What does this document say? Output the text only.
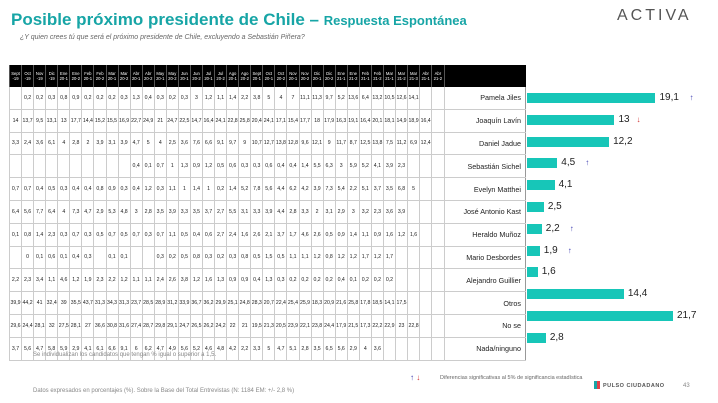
Posible próximo presidente de Chile – Respuesta Espontánea
¿Y quien crees tú que será el próximo presidente de Chile, excluyendo a Sebastián Piñera?
ACTIVA
Sept -19	Oct -19	Nov -19	Dic -19	Ene 20-1	Ene 20-2	Feb 20-1	Feb 20-2	Mar 20-1	Mar 20-2	Abr 20-1	Abr 20-2	May 20-1	May 20-2	Jun 20-1	Jun 20-2	Jul 20-1	Jul 20-2	Ago 20-1	Ago 20-2	Sept 20-1	Oct 20-1	Oct 20-2	Nov 20-1	Nov 20-2	Dic 20-1	Dic 20-2	Ene 21-1	Ene 21-2	Feb 21-1	Feb 21-2	Mar 21-1	Mar 21-2	Mar 21-3	Abr 21-1	Abr 21-2	
	0,2	0,2	0,3	0,8	0,9	0,2	0,2	0,2	0,3	1,3	0,4	0,3	0,2	0,3	3	1,2	1,1	1,4	2,2	3,8	5	4	7	11,1	11,3	9,7	5,2	13,6	6,4	13,2	10,5	12,6	14,1			Pamela Jiles
14	13,7	9,5	13,1	13	17,7	14,4	15,2	15,5	16,9	22,7	24,9	21	24,7	22,5	14,7	16,4	24,1	22,8	25,8	20,4	24,1	17,1	15,4	17,7	18	17,9	16,3	19,1	16,4	20,1	18,1	14,9	18,9	16,4		Joaquín Lavín
3,3	2,4	3,6	6,1	4	2,8	2	3,9	3,1	3,9	4,7	5	4	2,5	3,6	7,6	6,6	9,1	9,7	9	10,7	12,7	13,8	12,8	9,6	12,1	9	11,7	8,7	12,5	13,8	7,5	11,2	6,9	12,4		Daniel Jadue
										0,4	0,1	0,7	1	1,3	0,9	1,2	0,5	0,6	0,3	0,3	0,6	0,4	0,4	1,4	5,5	6,3	3	5,9	5,2	4,1	3,9	2,3				Sebastián Sichel
0,7	0,7	0,4	0,5	0,3	0,4	0,4	0,8	0,9	0,3	0,4	1,2	0,3	1,1	1	1,4	1	0,2	1,4	5,2	7,8	5,6	4,4	6,2	4,2	3,9	7,3	5,4	2,2	5,1	3,7	3,5	6,8	5			Evelyn Matthei
6,4	5,6	7,7	6,4	4	7,3	4,7	2,9	5,3	4,8	3	2,8	3,5	3,9	3,3	3,5	3,7	2,7	5,5	3,1	3,3	3,9	4,4	2,8	3,3	2	3,1	2,9	3	3,2	2,3	3,6	3,9				José Antonio Kast
0,1	0,8	1,4	2,3	0,3	0,7	0,3	0,5	0,7	0,5	0,7	0,3	0,7	1,1	0,5	0,4	0,6	2,7	2,4	1,6	2,6	2,1	3,7	1,7	4,6	2,6	0,5	0,9	1,4	1,1	0,9	1,6	1,2	1,6			Heraldo Muñoz
	0	0,1	0,6	0,1	0,4	0,3		0,1	0,1			0,3	0,2	0,5	0,8	0,3	0,2	0,3	0,8	0,5	1,5	0,5	1,1	1,1	1,2	0,8	1,2	1,2	1,7	1,2	1,7					Mario Desbordes
2,2	2,3	3,4	1,1	4,6	1,2	1,9	2,3	2,2	1,2	1,1	1,1	2,4	2,6	3,8	1,2	1,6	1,3	0,9	0,9	0,4	1,3	0,3	0,2	0,2	0,2	0,2	0,4	0,1	0,2	0,2	0,2					Alejandro Guillier
39,9	44,2	41	32,4	39	35,5	43,7	31,3	34,3	31,3	23,7	28,5	28,9	31,2	33,9	36,7	36,2	29,9	25,1	24,8	28,3	20,7	22,4	25,4	25,9	18,3	20,9	21,6	25,8	17,8	18,5	14,1	17,5				Otros
29,6	24,4	28,1	32	27,5	28,1	27	36,6	30,8	31,6	27,4	28,7	29,8	29,1	24,7	26,5	26,2	24,2	22	21	19,5	21,3	20,5	23,9	22,1	23,8	24,4	17,9	21,5	17,3	22,2	22,9	23	22,8			No se
3,7	5,6	4,7	5,8	5,9	2,9	4,1	6,1	6,6	9,1	6	6,2	4,7	4,9	5,6	5,2	4,6	4,8	4,2	2,2	3,3	5	4,7	5,1	2,8	3,5	6,5	5,6	2,9	4	3,6						Nada/ninguno
19,1 ↑
13 ↓
12,2
4,5 ↑
4,1
2,5
2,2 ↑
1,9 ↑
1,6
14,4
21,7
2,8
Se individualizan los candidatos que tengan % igual o superior a 1,5.
↑ ↓	Diferencias significativas al 5% de significancia estadística
Datos expresados en porcentajes (%). Sobre la Base del Total Entrevistas (N: 1184 EM: +/- 2,8 %)
PULSO CIUDADANO	43
